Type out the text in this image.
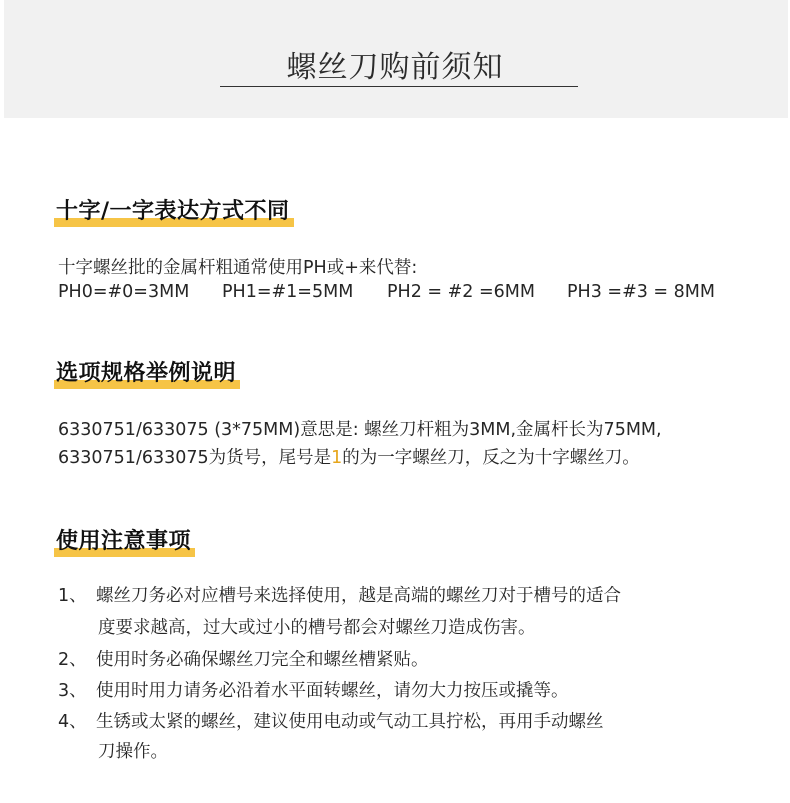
螺丝刀购前须知
十字/一字表达方式不同
十字螺丝批的金属杆粗通常使用PH或+来代替:
PH0=#0=3MM	PH1=#1=5MM	PH2 = #2 =6MM	PH3 =#3 = 8MM
选项规格举例说明
6330751/633075 (3*75MM)意思是: 螺丝刀杆粗为3MM,金属杆长为75MM,
6330751/633075为货号，尾号是1的为一字螺丝刀，反之为十字螺丝刀。
使用注意事项
1、 螺丝刀务必对应槽号来选择使用，越是高端的螺丝刀对于槽号的适合
度要求越高，过大或过小的槽号都会对螺丝刀造成伤害。
2、 使用时务必确保螺丝刀完全和螺丝槽紧贴。
3、 使用时用力请务必沿着水平面转螺丝，请勿大力按压或撬等。
4、 生锈或太紧的螺丝，建议使用电动或气动工具拧松，再用手动螺丝
刀操作。
